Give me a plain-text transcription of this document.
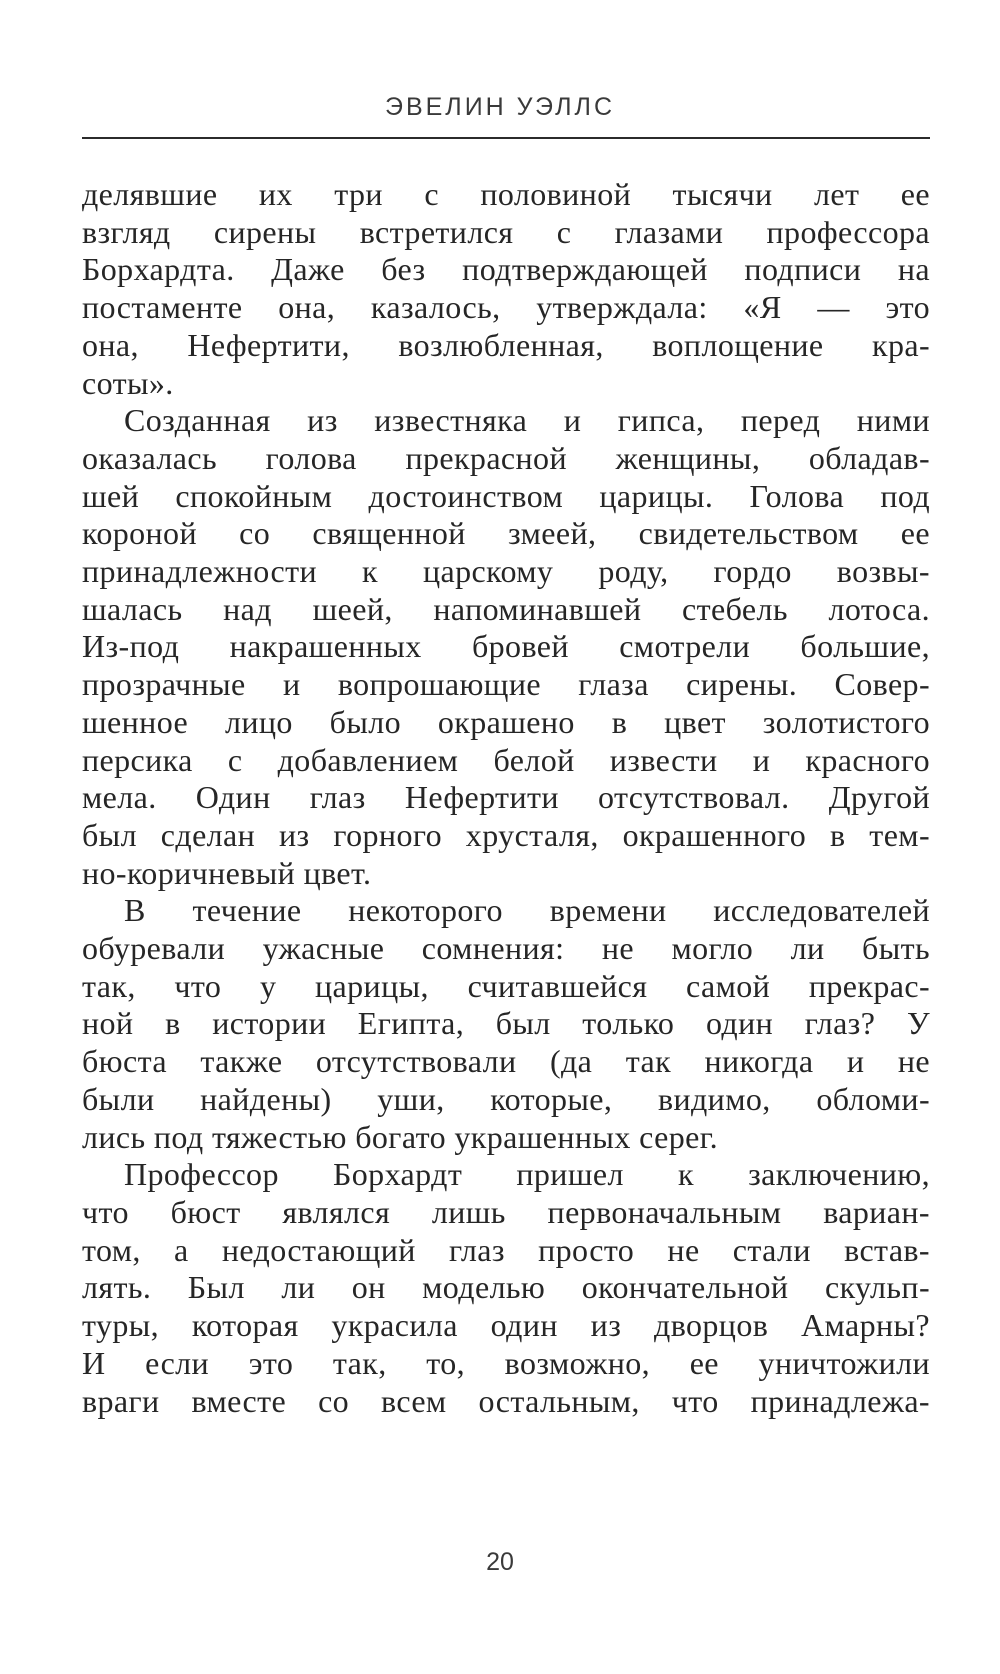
ЭВЕЛИН УЭЛЛС
делявшие их три с половиной тысячи лет ее
взгляд сирены встретился с глазами профессора
Борхардта. Даже без подтверждающей подписи на
постаменте она, казалось, утверждала: «Я — это
она, Нефертити, возлюбленная, воплощение кра-
соты».
Созданная из известняка и гипса, перед ними
оказалась голова прекрасной женщины, обладав-
шей спокойным достоинством царицы. Голова под
короной со священной змеей, свидетельством ее
принадлежности к царскому роду, гордо возвы-
шалась над шеей, напоминавшей стебель лотоса.
Из-под накрашенных бровей смотрели большие,
прозрачные и вопрошающие глаза сирены. Совер-
шенное лицо было окрашено в цвет золотистого
персика с добавлением белой извести и красного
мела. Один глаз Нефертити отсутствовал. Другой
был сделан из горного хрусталя, окрашенного в тем-
но-коричневый цвет.
В течение некоторого времени исследователей
обуревали ужасные сомнения: не могло ли быть
так, что у царицы, считавшейся самой прекрас-
ной в истории Египта, был только один глаз? У
бюста также отсутствовали (да так никогда и не
были найдены) уши, которые, видимо, обломи-
лись под тяжестью богато украшенных серег.
Профессор Борхардт пришел к заключению,
что бюст являлся лишь первоначальным вариан-
том, а недостающий глаз просто не стали встав-
лять. Был ли он моделью окончательной скульп-
туры, которая украсила один из дворцов Амарны?
И если это так, то, возможно, ее уничтожили
враги вместе со всем остальным, что принадлежа-
20
